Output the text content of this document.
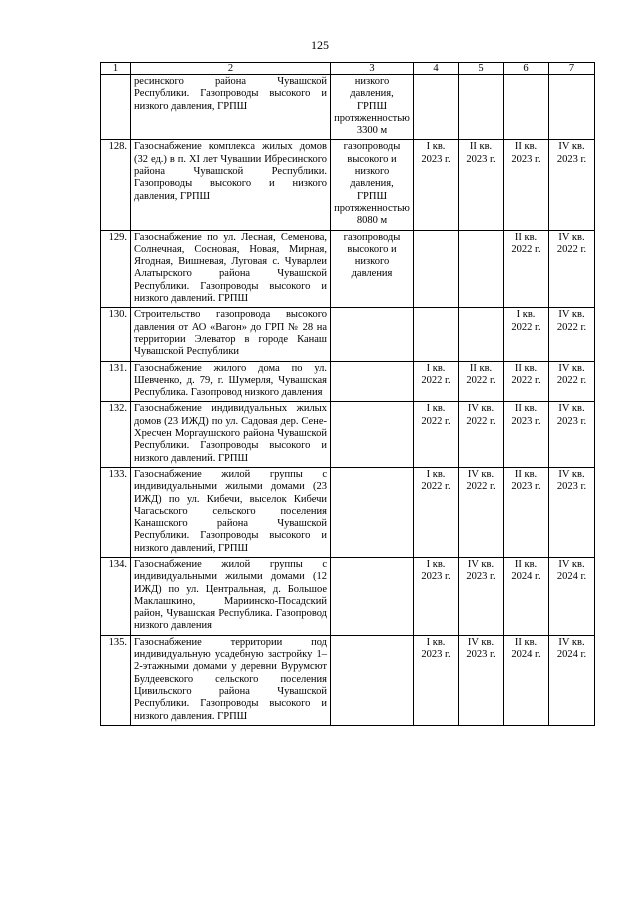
125
1	2	3	4	5	6	7
	ресинского района Чувашской Республики. Газопроводы высокого и низкого давления, ГРПШ	низкого давления, ГРПШ протяженностью 3300 м				
128.	Газоснабжение комплекса жилых домов (32 ед.) в п. XI лет Чувашии Ибресинского района Чувашской Республики. Газопроводы высокого и низкого давления, ГРПШ	газопроводы высокого и низкого давления, ГРПШ протяженностью 8080 м	I кв. 2023 г.	II кв. 2023 г.	II кв. 2023 г.	IV кв. 2023 г.
129.	Газоснабжение по ул. Лесная, Семенова, Солнечная, Сосновая, Новая, Мирная, Ягодная, Вишневая, Луговая с. Чуварлеи Алатырского района Чувашской Республики. Газопроводы высокого и низкого давлений. ГРПШ	газопроводы высокого и низкого давления			II кв. 2022 г.	IV кв. 2022 г.
130.	Строительство газопровода высокого давления от АО «Вагон» до ГРП № 28 на территории Элеватор в городе Канаш Чувашской Республики				I кв. 2022 г.	IV кв. 2022 г.
131.	Газоснабжение жилого дома по ул. Шевченко, д. 79, г. Шумерля, Чувашская Республика. Газопровод низкого давления		I кв. 2022 г.	II кв. 2022 г.	II кв. 2022 г.	IV кв. 2022 г.
132.	Газоснабжение индивидуальных жилых домов (23 ИЖД) по ул. Садовая дер. Сене-Хресчен Моргаушского района Чувашской Республики. Газопроводы высокого и низкого давлений. ГРПШ		I кв. 2022 г.	IV кв. 2022 г.	II кв. 2023 г.	IV кв. 2023 г.
133.	Газоснабжение жилой группы с индивидуальными жилыми домами (23 ИЖД) по ул. Кибечи, выселок Кибечи Чагасьского сельского поселения Канашского района Чувашской Республики. Газопроводы высокого и низкого давлений, ГРПШ		I кв. 2022 г.	IV кв. 2022 г.	II кв. 2023 г.	IV кв. 2023 г.
134.	Газоснабжение жилой группы с индивидуальными жилыми домами (12 ИЖД) по ул. Центральная, д. Большое Маклашкино, Мариинско-Посадский район, Чувашская Республика. Газопровод низкого давления		I кв. 2023 г.	IV кв. 2023 г.	II кв. 2024 г.	IV кв. 2024 г.
135.	Газоснабжение территории под индивидуальную усадебную застройку 1–2-этажными домами у деревни Вурумсют Булдеевского сельского поселения Цивильского района Чувашской Республики. Газопроводы высокого и низкого давления. ГРПШ		I кв. 2023 г.	IV кв. 2023 г.	II кв. 2024 г.	IV кв. 2024 г.
